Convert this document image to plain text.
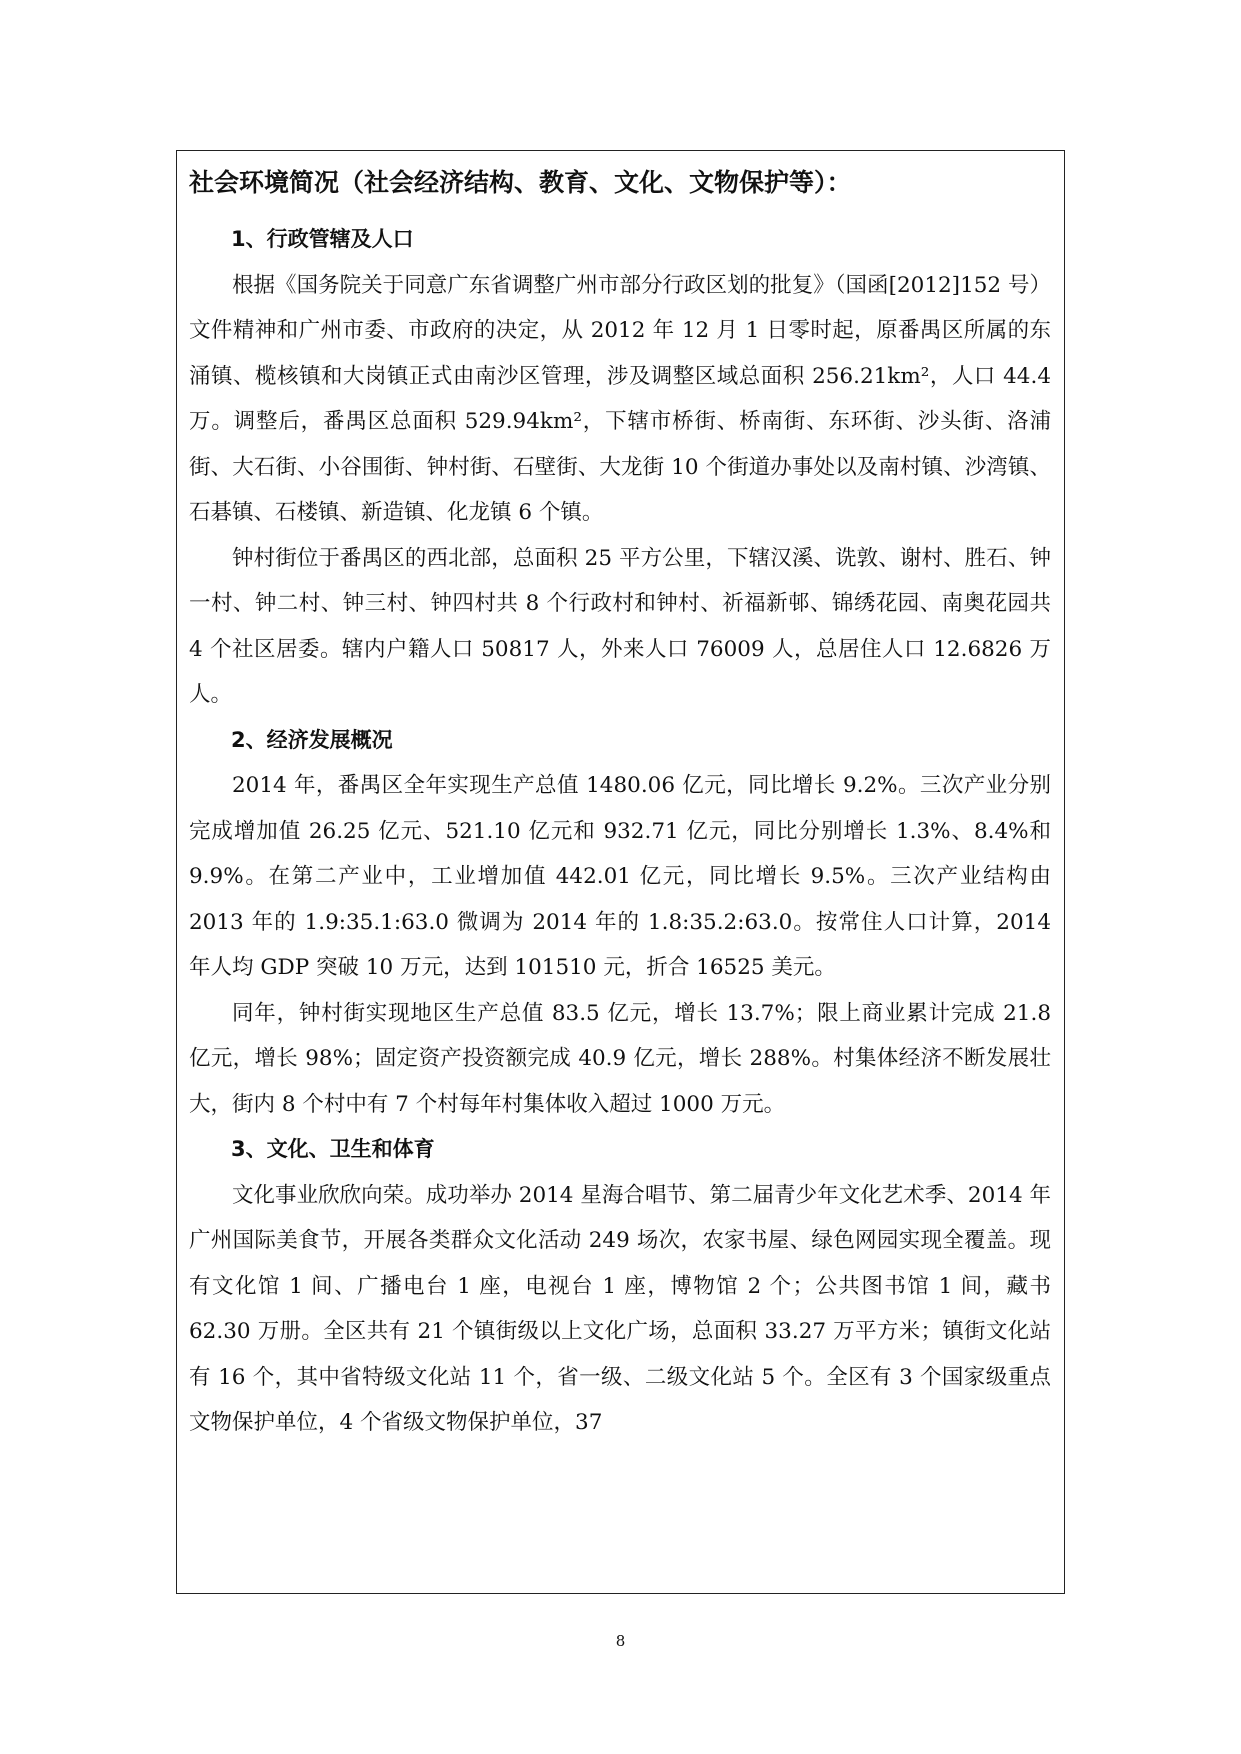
社会环境简况（社会经济结构、教育、文化、文物保护等）：
1、行政管辖及人口

根据《国务院关于同意广东省调整广州市部分行政区划的批复》（国函[2012]152 号）文件精神和广州市委、市政府的决定，从 2012 年 12 月 1 日零时起，原番禺区所属的东涌镇、榄核镇和大岗镇正式由南沙区管理，涉及调整区域总面积 256.21km²，人口 44.4 万。调整后，番禺区总面积 529.94km²，下辖市桥街、桥南街、东环街、沙头街、洛浦街、大石街、小谷围街、钟村街、石壁街、大龙街 10 个街道办事处以及南村镇、沙湾镇、石碁镇、石楼镇、新造镇、化龙镇 6 个镇。

钟村街位于番禺区的西北部，总面积 25 平方公里，下辖汉溪、诜敦、谢村、胜石、钟一村、钟二村、钟三村、钟四村共 8 个行政村和钟村、祈福新邨、锦绣花园、南奥花园共 4 个社区居委。辖内户籍人口 50817 人，外来人口 76009 人，总居住人口 12.6826 万人。

2、经济发展概况

2014 年，番禺区全年实现生产总值 1480.06 亿元，同比增长 9.2%。三次产业分别完成增加值 26.25 亿元、521.10 亿元和 932.71 亿元，同比分别增长 1.3%、8.4%和 9.9%。在第二产业中，工业增加值 442.01 亿元，同比增长 9.5%。三次产业结构由 2013 年的 1.9:35.1:63.0 微调为 2014 年的 1.8:35.2:63.0。按常住人口计算，2014 年人均 GDP 突破 10 万元，达到 101510 元，折合 16525 美元。

同年，钟村街实现地区生产总值 83.5 亿元，增长 13.7%；限上商业累计完成 21.8 亿元，增长 98%；固定资产投资额完成 40.9 亿元，增长 288%。村集体经济不断发展壮大，街内 8 个村中有 7 个村每年村集体收入超过 1000 万元。

3、文化、卫生和体育

文化事业欣欣向荣。成功举办 2014 星海合唱节、第二届青少年文化艺术季、2014 年广州国际美食节，开展各类群众文化活动 249 场次，农家书屋、绿色网园实现全覆盖。现有文化馆 1 间、广播电台 1 座，电视台 1 座，博物馆 2 个；公共图书馆 1 间，藏书 62.30 万册。全区共有 21 个镇街级以上文化广场，总面积 33.27 万平方米；镇街文化站有 16 个，其中省特级文化站 11 个，省一级、二级文化站 5 个。全区有 3 个国家级重点文物保护单位，4 个省级文物保护单位，37

8
